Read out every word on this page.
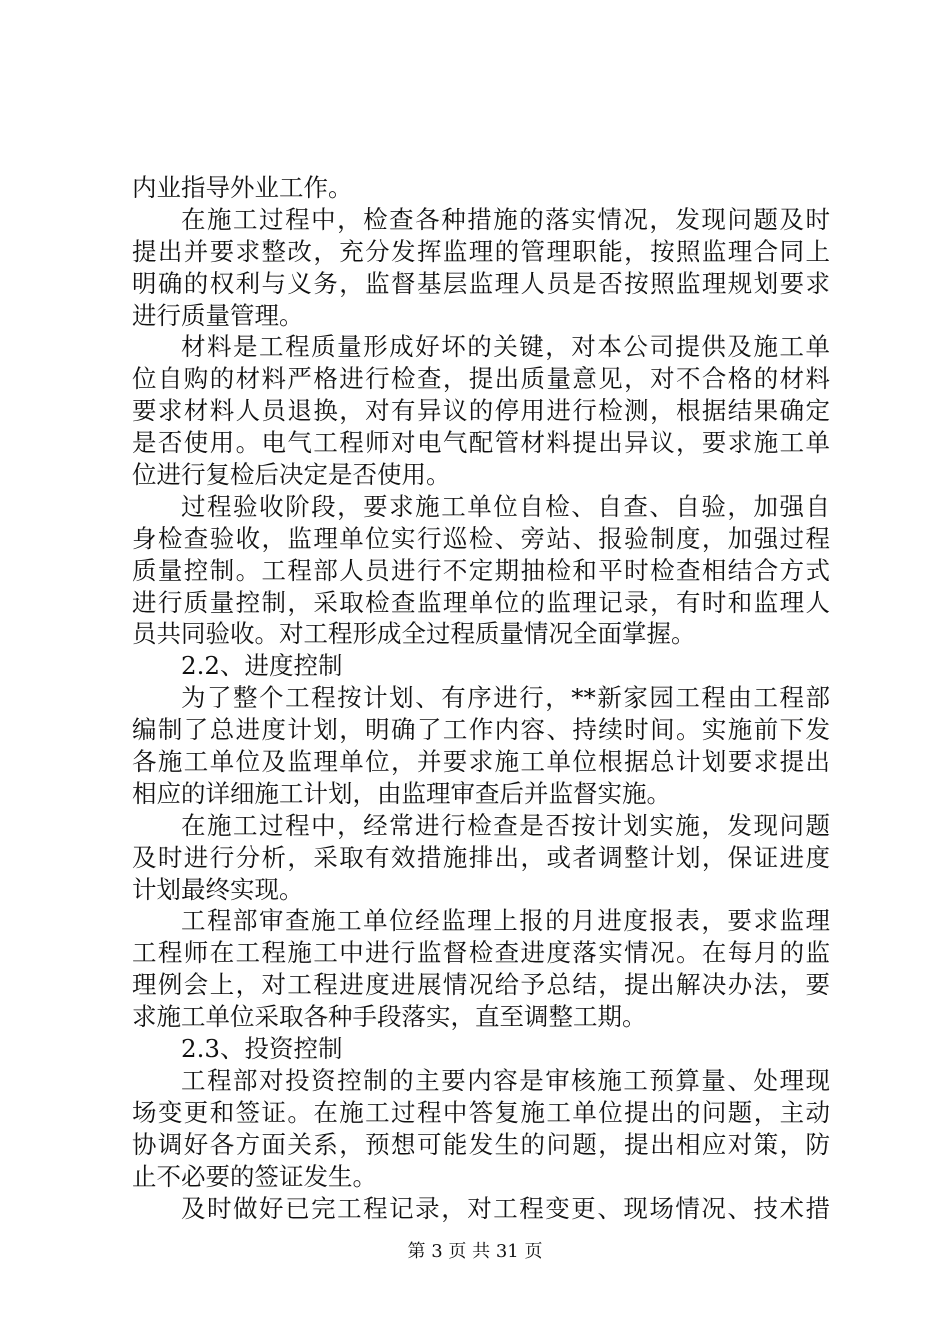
内业指导外业工作。
在施工过程中，检查各种措施的落实情况，发现问题及时
提出并要求整改，充分发挥监理的管理职能，按照监理合同上
明确的权利与义务，监督基层监理人员是否按照监理规划要求
进行质量管理。
材料是工程质量形成好坏的关键，对本公司提供及施工单
位自购的材料严格进行检查，提出质量意见，对不合格的材料
要求材料人员退换，对有异议的停用进行检测，根据结果确定
是否使用。电气工程师对电气配管材料提出异议，要求施工单
位进行复检后决定是否使用。
过程验收阶段，要求施工单位自检、自查、自验，加强自
身检查验收，监理单位实行巡检、旁站、报验制度，加强过程
质量控制。工程部人员进行不定期抽检和平时检查相结合方式
进行质量控制，采取检查监理单位的监理记录，有时和监理人
员共同验收。对工程形成全过程质量情况全面掌握。
2.2、进度控制
为了整个工程按计划、有序进行，**新家园工程由工程部
编制了总进度计划，明确了工作内容、持续时间。实施前下发
各施工单位及监理单位，并要求施工单位根据总计划要求提出
相应的详细施工计划，由监理审查后并监督实施。
在施工过程中，经常进行检查是否按计划实施，发现问题
及时进行分析，采取有效措施排出，或者调整计划，保证进度
计划最终实现。
工程部审查施工单位经监理上报的月进度报表，要求监理
工程师在工程施工中进行监督检查进度落实情况。在每月的监
理例会上，对工程进度进展情况给予总结，提出解决办法，要
求施工单位采取各种手段落实，直至调整工期。
2.3、投资控制
工程部对投资控制的主要内容是审核施工预算量、处理现
场变更和签证。在施工过程中答复施工单位提出的问题，主动
协调好各方面关系，预想可能发生的问题，提出相应对策，防
止不必要的签证发生。
及时做好已完工程记录，对工程变更、现场情况、技术措
第 3 页 共 31 页
